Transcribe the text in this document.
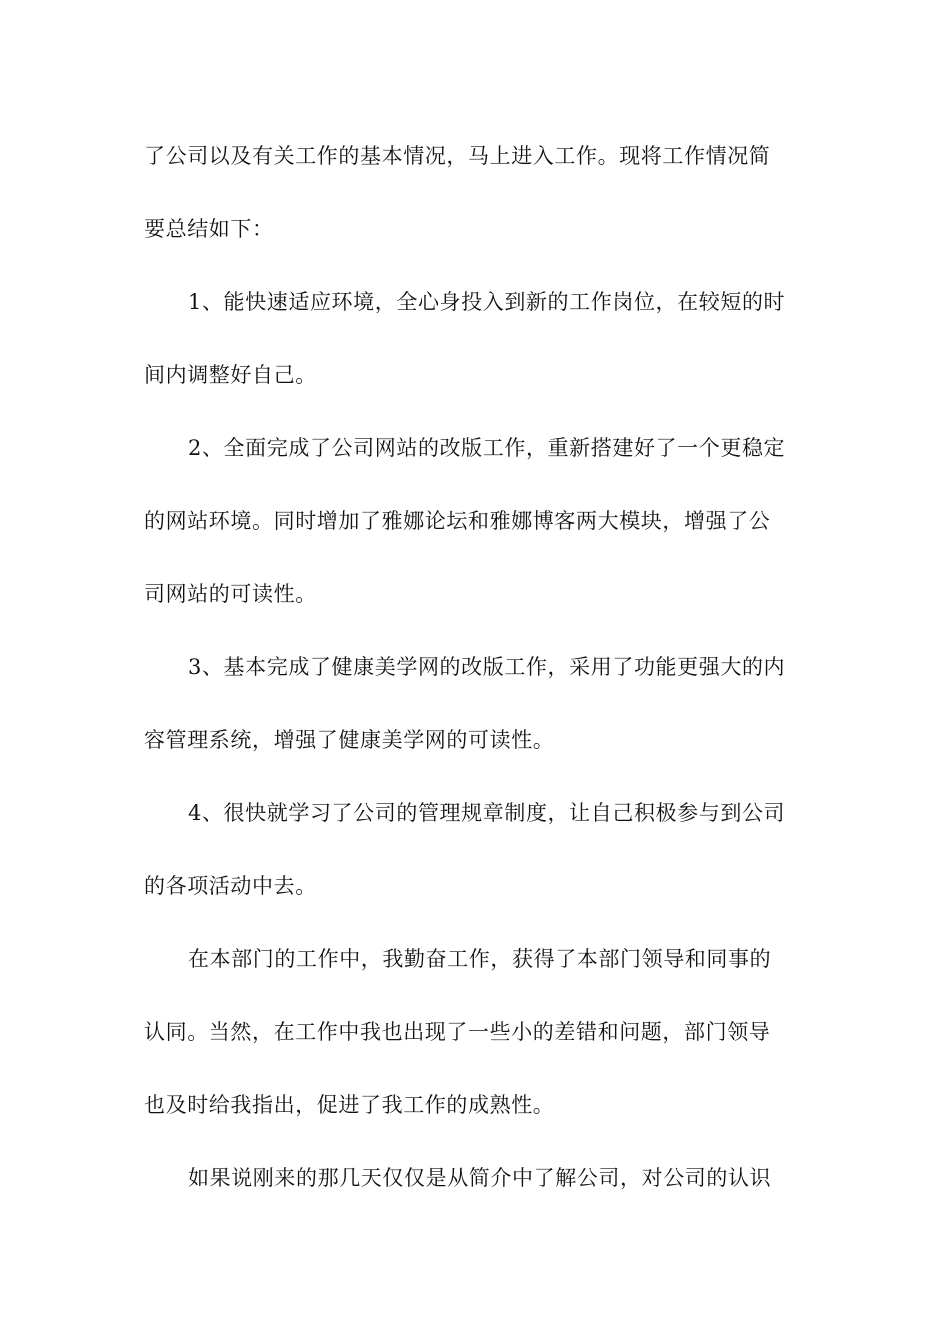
了公司以及有关工作的基本情况，马上进入工作。现将工作情况简
要总结如下：
1、能快速适应环境，全心身投入到新的工作岗位，在较短的时
间内调整好自己。
2、全面完成了公司网站的改版工作，重新搭建好了一个更稳定
的网站环境。同时增加了雅娜论坛和雅娜博客两大模块，增强了公
司网站的可读性。
3、基本完成了健康美学网的改版工作，采用了功能更强大的内
容管理系统，增强了健康美学网的可读性。
4、很快就学习了公司的管理规章制度，让自己积极参与到公司
的各项活动中去。
在本部门的工作中，我勤奋工作，获得了本部门领导和同事的
认同。当然，在工作中我也出现了一些小的差错和问题，部门领导
也及时给我指出，促进了我工作的成熟性。
如果说刚来的那几天仅仅是从简介中了解公司，对公司的认识
